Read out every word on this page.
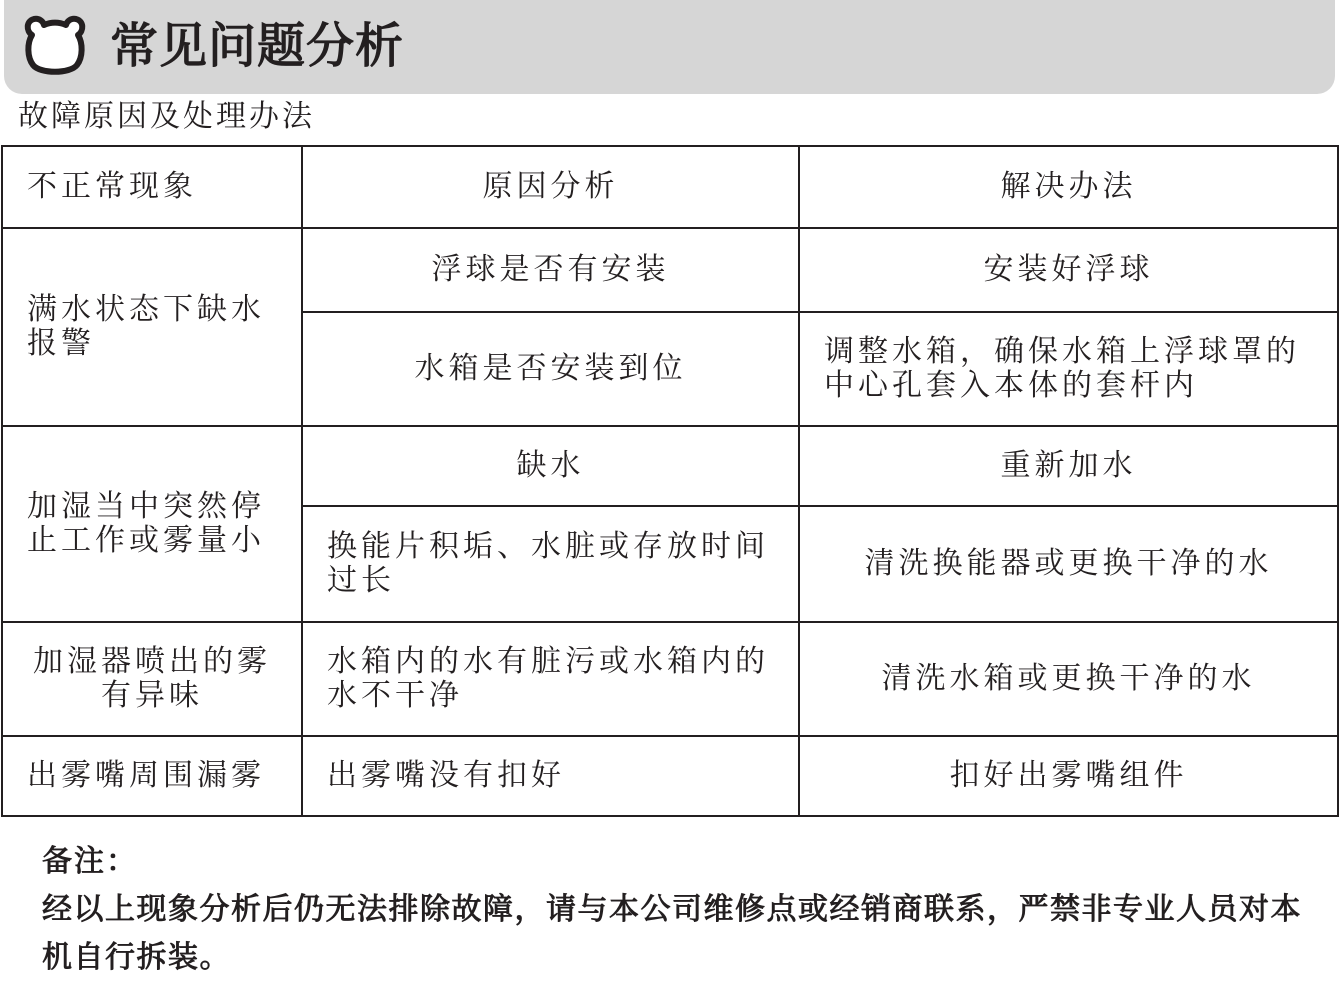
常见问题分析
故障原因及处理办法
不正常现象	原因分析	解决办法
满水状态下缺水报警	浮球是否有安装	安装好浮球
	水箱是否安装到位	调整水箱，确保水箱上浮球罩的中心孔套入本体的套杆内
加湿当中突然停止工作或雾量小	缺水	重新加水
	换能片积垢、水脏或存放时间过长	清洗换能器或更换干净的水
加湿器喷出的雾有异味	水箱内的水有脏污或水箱内的水不干净	清洗水箱或更换干净的水
出雾嘴周围漏雾	出雾嘴没有扣好	扣好出雾嘴组件
备注：
经以上现象分析后仍无法排除故障，请与本公司维修点或经销商联系，严禁非专业人员对本机自行拆装。
